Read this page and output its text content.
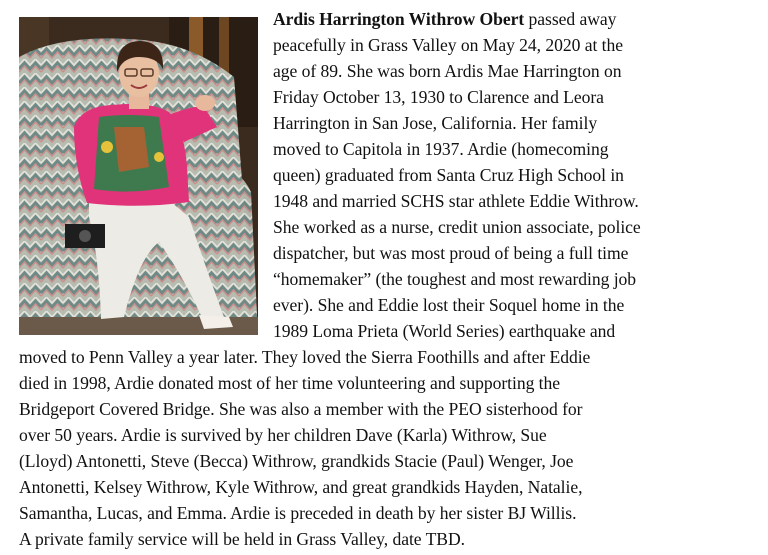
Ardis Harrington Withrow Obert passed away
peacefully in Grass Valley on May 24, 2020 at the
age of 89. She was born Ardis Mae Harrington on
Friday October 13, 1930 to Clarence and Leora
Harrington in San Jose, California. Her family
moved to Capitola in 1937. Ardie (homecoming
queen) graduated from Santa Cruz High School in
1948 and married SCHS star athlete Eddie Withrow.
She worked as a nurse, credit union associate, police
dispatcher, but was most proud of being a full time
“homemaker” (the toughest and most rewarding job
ever). She and Eddie lost their Soquel home in the
1989 Loma Prieta (World Series) earthquake and
moved to Penn Valley a year later. They loved the Sierra Foothills and after Eddie
died in 1998, Ardie donated most of her time volunteering and supporting the
Bridgeport Covered Bridge. She was also a member with the PEO sisterhood for
over 50 years. Ardie is survived by her children Dave (Karla) Withrow, Sue
(Lloyd) Antonetti, Steve (Becca) Withrow, grandkids Stacie (Paul) Wenger, Joe
Antonetti, Kelsey Withrow, Kyle Withrow, and great grandkids Hayden, Natalie,
Samantha, Lucas, and Emma. Ardie is preceded in death by her sister BJ Willis.
A private family service will be held in Grass Valley, date TBD.
